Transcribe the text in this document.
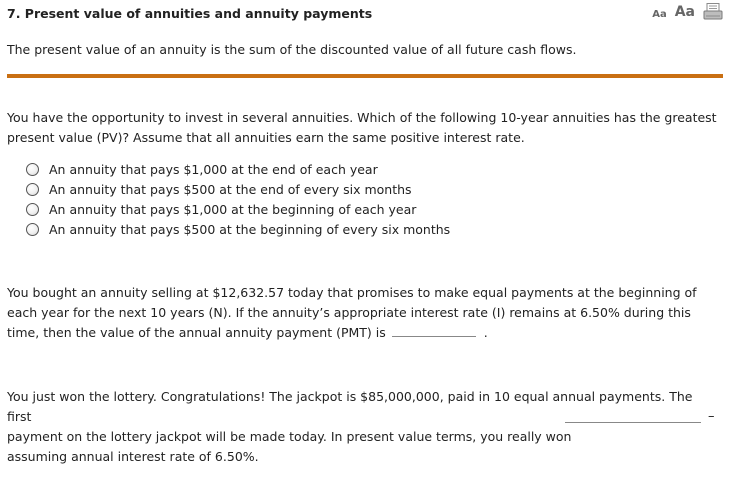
7. Present value of annuities and annuity payments	Aa Aa
The present value of an annuity is the sum of the discounted value of all future cash flows.
You have the opportunity to invest in several annuities. Which of the following 10-year annuities has the greatest present value (PV)? Assume that all annuities earn the same positive interest rate.
An annuity that pays $1,000 at the end of each year
An annuity that pays $500 at the end of every six months
An annuity that pays $1,000 at the beginning of each year
An annuity that pays $500 at the beginning of every six months
You bought an annuity selling at $12,632.57 today that promises to make equal payments at the beginning of each year for the next 10 years (N). If the annuity’s appropriate interest rate (I) remains at 6.50% during this time, then the value of the annual annuity payment (PMT) is	.
You just won the lottery. Congratulations! The jackpot is $85,000,000, paid in 10 equal annual payments. The first
payment on the lottery jackpot will be made today. In present value terms, you really won
assuming annual interest rate of 6.50%.
–
